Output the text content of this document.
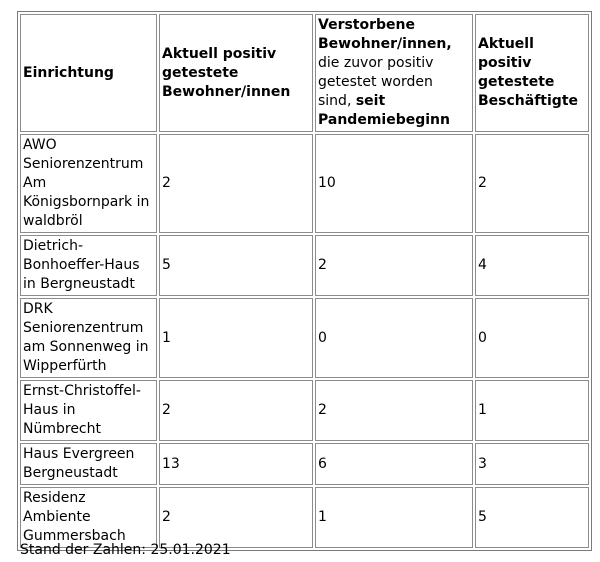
Einrichtung	Aktuell positiv getestete Bewohner/innen	Verstorbene Bewohner/innen, die zuvor positiv getestet worden sind, seit Pandemiebeginn	Aktuell positiv getestete Beschäftigte
AWO Seniorenzentrum Am Königsbornpark in waldbröl	2	10	2
Dietrich-Bonhoeffer-Haus in Bergneustadt	5	2	4
DRK Seniorenzentrum am Sonnenweg in Wipperfürth	1	0	0
Ernst-Christoffel-Haus in Nümbrecht	2	2	1
Haus Evergreen Bergneustadt	13	6	3
Residenz Ambiente Gummersbach	2	1	5
Stand der Zahlen: 25.01.2021
